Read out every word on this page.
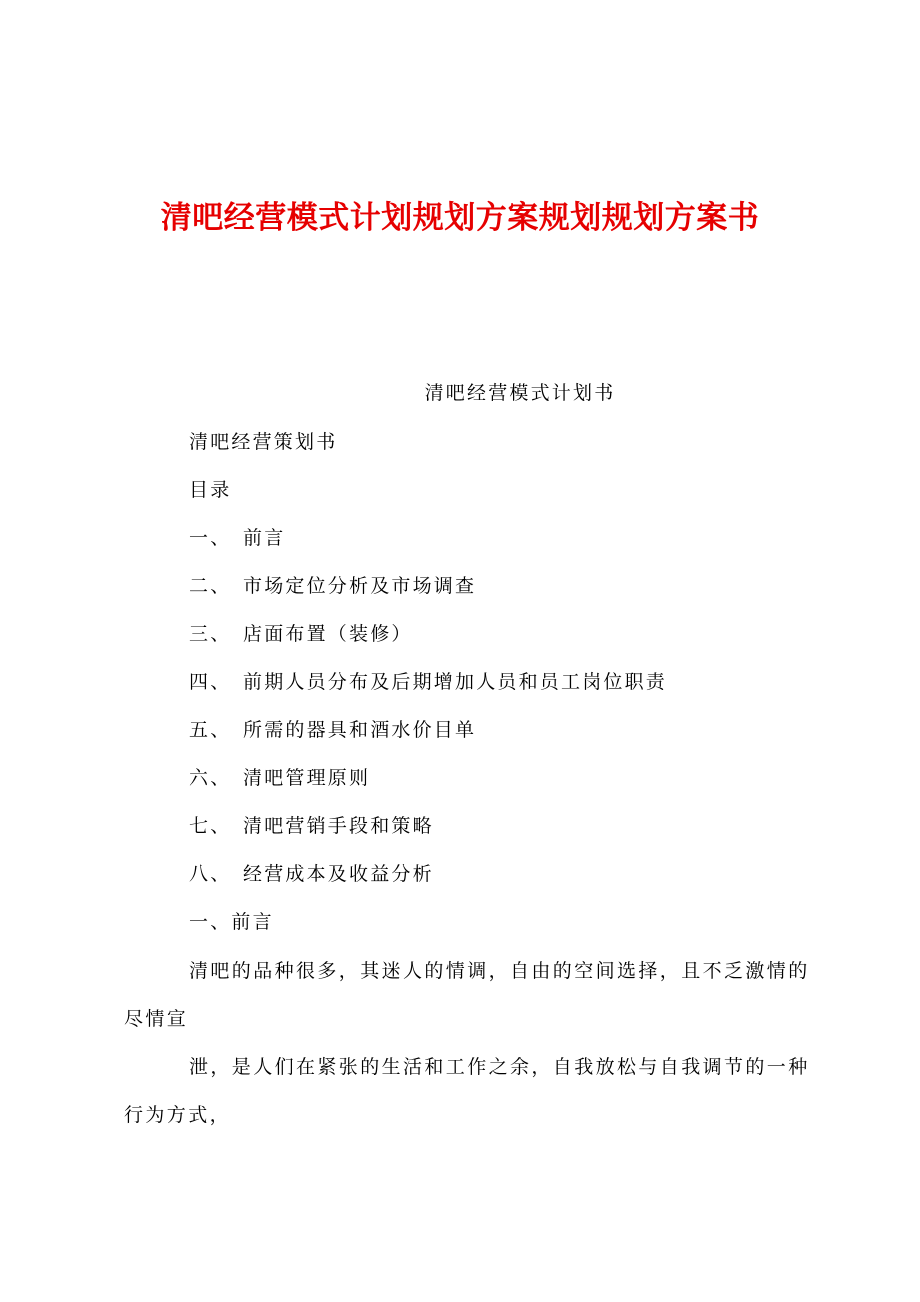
清吧经营模式计划规划方案规划规划方案书
清吧经营模式计划书
清吧经营策划书
目录
一、 前言
二、 市场定位分析及市场调查
三、 店面布置（装修）
四、 前期人员分布及后期增加人员和员工岗位职责
五、 所需的器具和酒水价目单
六、 清吧管理原则
七、 清吧营销手段和策略
八、 经营成本及收益分析
一、前言
清吧的品种很多，其迷人的情调，自由的空间选择，且不乏激情的
尽情宣
泄，是人们在紧张的生活和工作之余，自我放松与自我调节的一种
行为方式，
